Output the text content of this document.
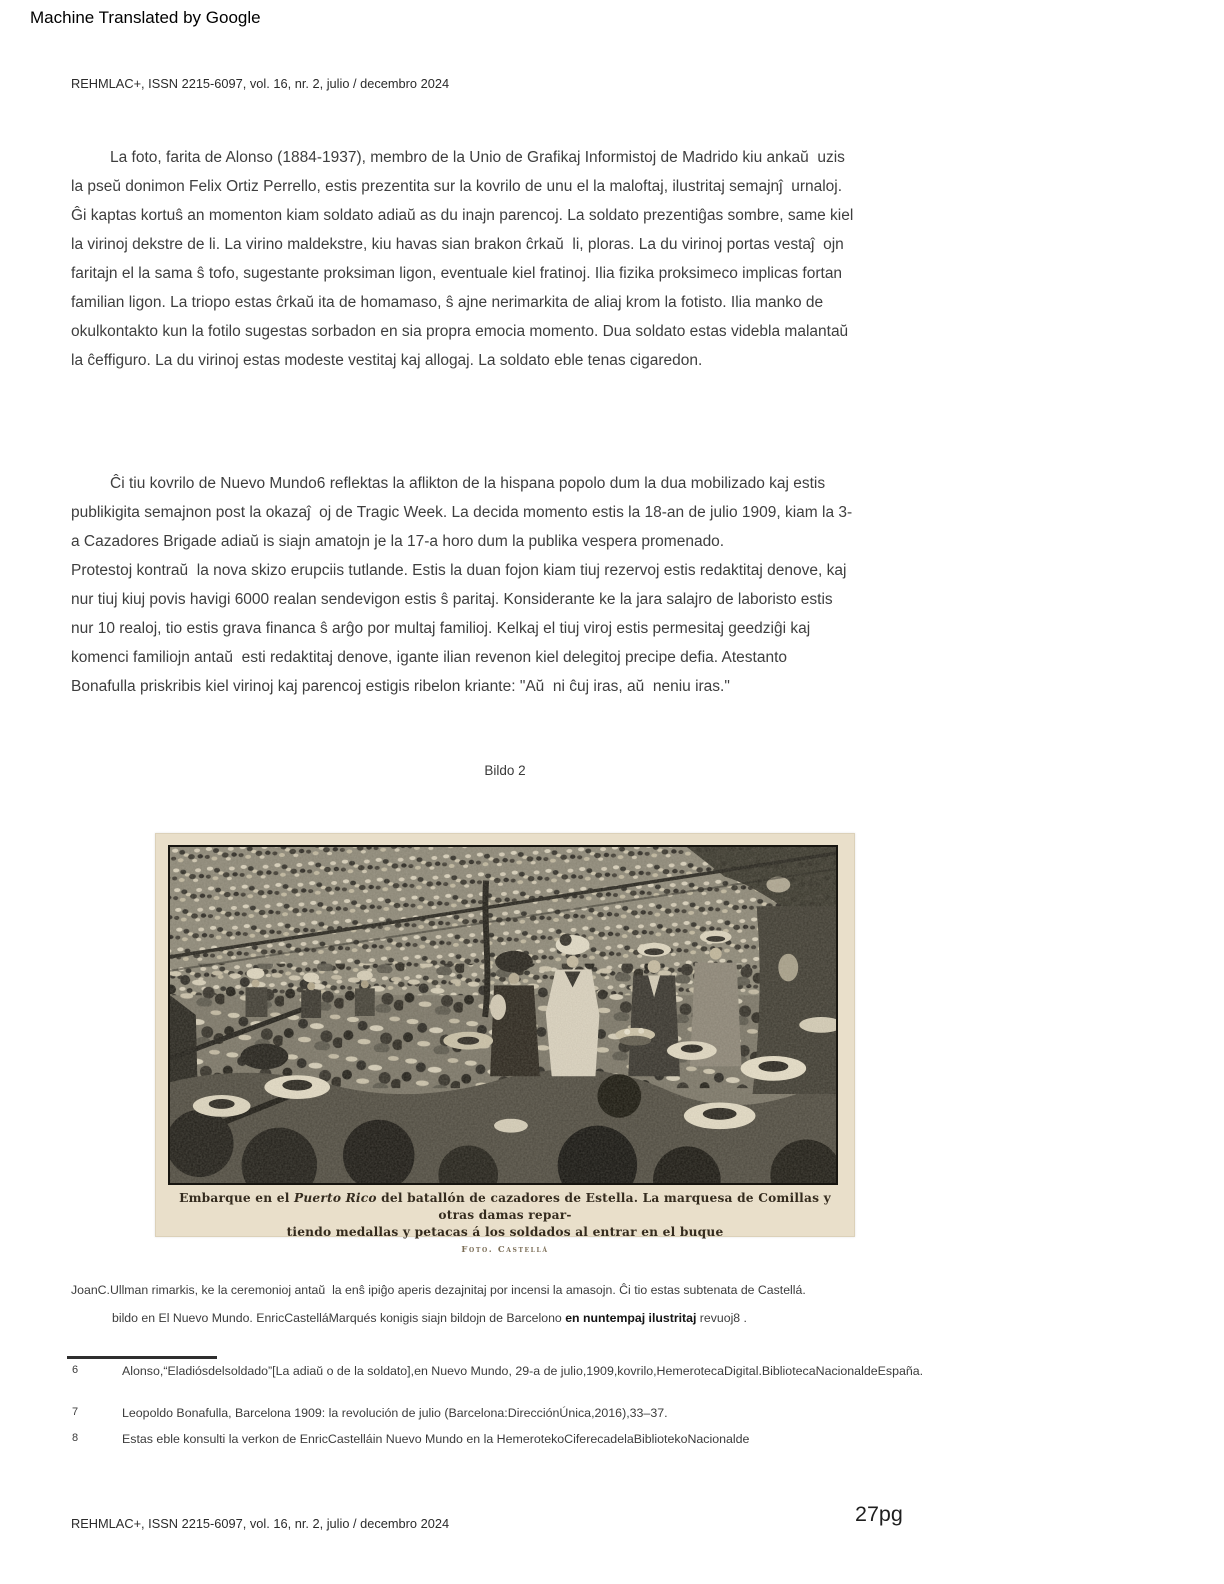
Machine Translated by Google
REHMLAC+, ISSN 2215-6097, vol. 16, nr. 2, julio / decembro 2024
La foto, farita de Alonso (1884-1937), membro de la Unio de Grafikaj Informistoj de Madrido kiu ankaŭ  uzis
la pseŭ donimon Felix Ortiz Perrello, estis prezentita sur la kovrilo de unu el la maloftaj, ilustritaj semajnĵ  urnaloj.
Ĝi kaptas kortuŝ an momenton kiam soldato adiaŭ as du inajn parencoj. La soldato prezentiĝas sombre, same kiel
la virinoj dekstre de li. La virino maldekstre, kiu havas sian brakon ĉrkaŭ  li, ploras. La du virinoj portas vestaĵ  ojn
faritajn el la sama ŝ tofo, sugestante proksiman ligon, eventuale kiel fratinoj. Ilia fizika proksimeco implicas fortan
familian ligon. La triopo estas ĉrkaŭ ita de homamaso, ŝ ajne nerimarkita de aliaj krom la fotisto. Ilia manko de
okulkontakto kun la fotilo sugestas sorbadon en sia propra emocia momento. Dua soldato estas videbla malantaŭ
la ĉeffiguro. La du virinoj estas modeste vestitaj kaj allogaj. La soldato eble tenas cigaredon.
Ĉi tiu kovrilo de Nuevo Mundo6 reflektas la aflikton de la hispana popolo dum la dua mobilizado kaj estis
publikigita semajnon post la okazaĵ  oj de Tragic Week. La decida momento estis la 18-an de julio 1909, kiam la 3-
a Cazadores Brigade adiaŭ is siajn amatojn je la 17-a horo dum la publika vespera promenado.
Protestoj kontraŭ  la nova skizo erupciis tutlande. Estis la duan fojon kiam tiuj rezervoj estis redaktitaj denove, kaj
nur tiuj kiuj povis havigi 6000 realan sendevigon estis ŝ paritaj. Konsiderante ke la jara salajro de laboristo estis
nur 10 realoj, tio estis grava financa ŝ arĝo por multaj familioj. Kelkaj el tiuj viroj estis permesitaj geedziĝi kaj
komenci familiojn antaŭ  esti redaktitaj denove, igante ilian revenon kiel delegitoj precipe defia. Atestanto
Bonafulla priskribis kiel virinoj kaj parencoj estigis ribelon kriante: "Aŭ  ni ĉuj iras, aŭ  neniu iras."
Bildo 2
Embarque en el Puerto Rico del batallón de cazadores de Estella. La marquesa de Comillas y otras damas repar-
tiendo medallas y petacas á los soldados al entrar en el buque
Foto. Castellá
JoanC.Ullman rimarkis, ke la ceremonioj antaŭ  la enŝ ipiĝo aperis dezajnitaj por incensi la amasojn. Ĉi tio estas subtenata de Castellá.
bildo en El Nuevo Mundo. EnricCastelláMarqués konigis siajn bildojn de Barcelono en nuntempaj ilustritaj revuoj8 .
6	Alonso,“Eladiósdelsoldado”[La adiaŭ o de la soldato],en Nuevo Mundo, 29-a de julio,1909,kovrilo,HemerotecaDigital.BibliotecaNacionaldeEspaña.
7	Leopoldo Bonafulla, Barcelona 1909: la revolución de julio (Barcelona:DirecciónÚnica,2016),33–37.
8	Estas eble konsulti la verkon de EnricCastelláin Nuevo Mundo en la HemerotekoCiferecadelaBibliotekoNacionalde
REHMLAC+, ISSN 2215-6097, vol. 16, nr. 2, julio / decembro 2024	27pg
